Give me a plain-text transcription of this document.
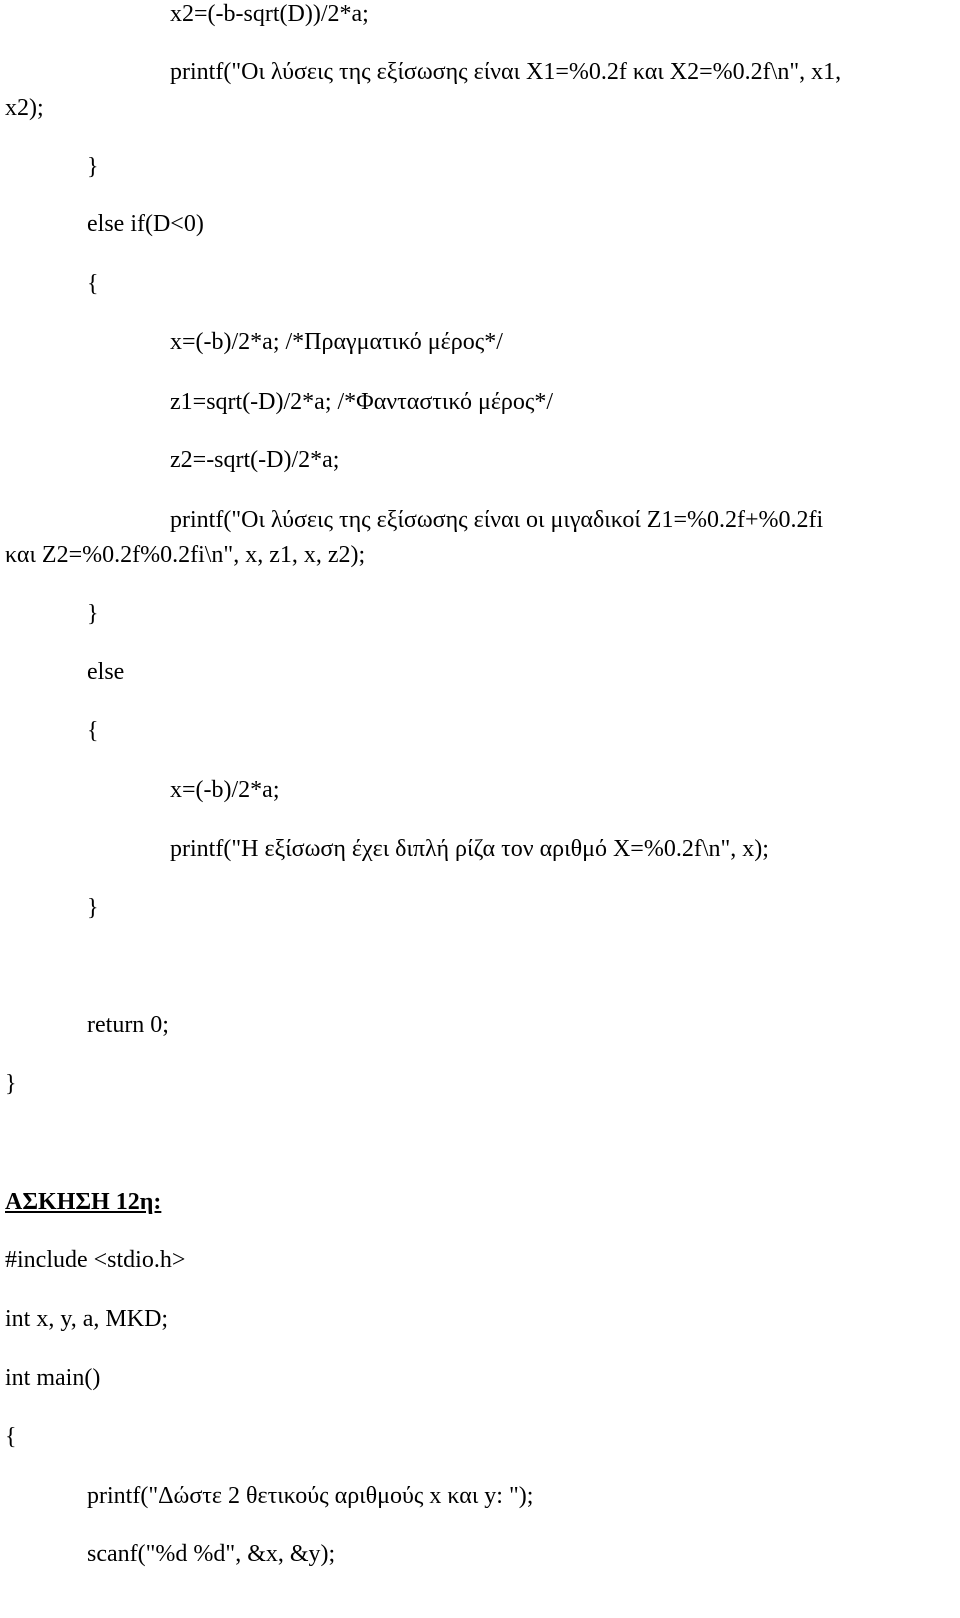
x2=(-b-sqrt(D))/2*a;
printf("Οι λύσεις της εξίσωσης είναι Χ1=%0.2f και Χ2=%0.2f\n", x1,
x2);
}
else if(D<0)
{
x=(-b)/2*a; /*Πραγματικό μέρος*/
z1=sqrt(-D)/2*a; /*Φανταστικό μέρος*/
z2=-sqrt(-D)/2*a;
printf("Οι λύσεις της εξίσωσης είναι οι μιγαδικοί Ζ1=%0.2f+%0.2fi
και Ζ2=%0.2f%0.2fi\n", x, z1, x, z2);
}
else
{
x=(-b)/2*a;
printf("Η εξίσωση έχει διπλή ρίζα τον αριθμό Χ=%0.2f\n", x);
}
return 0;
}
ΑΣΚΗΣΗ 12η:
#include <stdio.h>
int x, y, a, MKD;
int main()
{
printf("Δώστε 2 θετικούς αριθμούς x και y: ");
scanf("%d %d", &x, &y);
